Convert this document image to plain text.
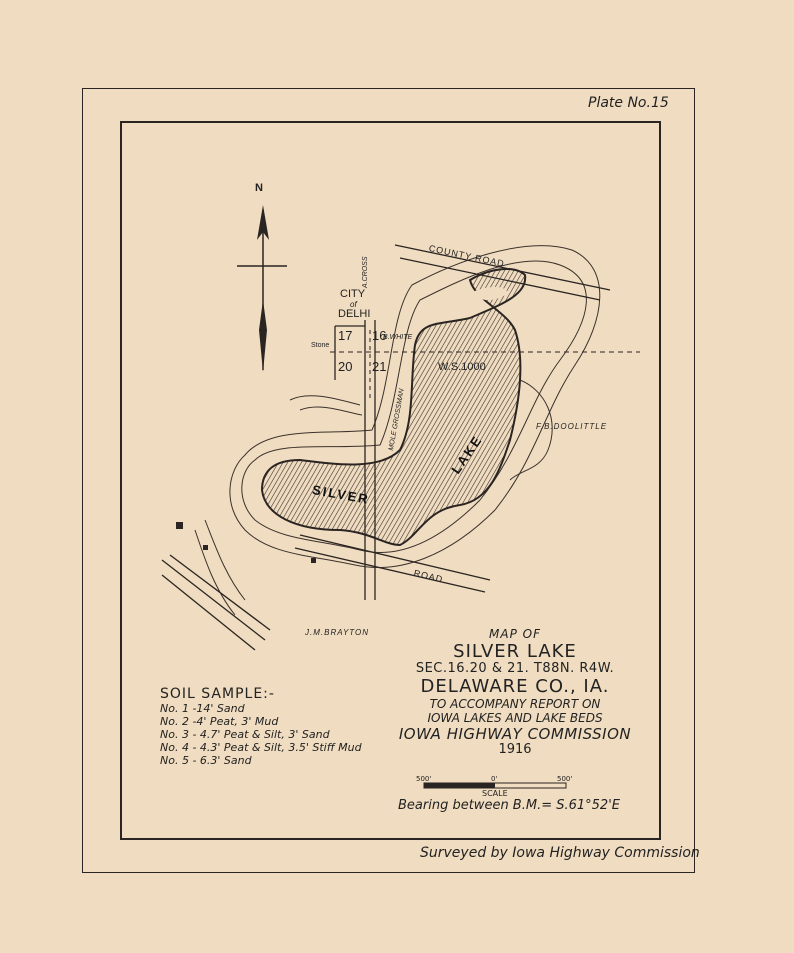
Plate No.15
CITY
of
DELHI
17 16
20 21
Stone
B.WHITE
COUNTY ROAD
ROAD
W.S.1000
SILVER
LAKE
F.B.DOOLITTLE
J.M.BRAYTON
A.CROSS
MOLE GROSSMAN
N
MAP OF
SILVER LAKE
SEC.16.20 & 21. T88N. R4W.
DELAWARE CO., IA.
TO ACCOMPANY REPORT ON
IOWA LAKES AND LAKE BEDS
IOWA HIGHWAY COMMISSION
1916
500'	0'	500'
SCALE
Bearing between B.M.= S.61°52'E
SOIL SAMPLE:-
No. 1 -14' Sand
No. 2 -4' Peat, 3' Mud
No. 3 - 4.7' Peat & Silt, 3' Sand
No. 4 - 4.3' Peat & Silt, 3.5' Stiff Mud
No. 5 - 6.3' Sand
Surveyed by Iowa Highway Commission
